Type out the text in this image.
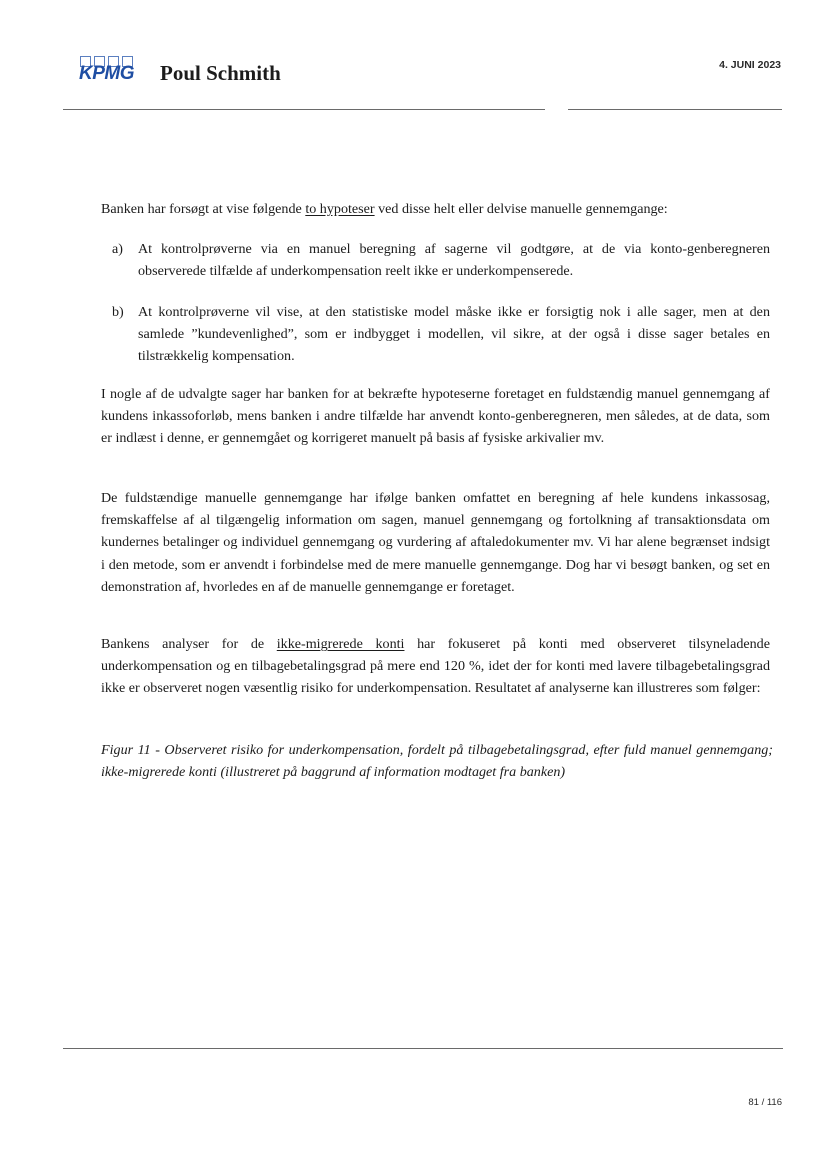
KPMG Poul Schmith	4. JUNI 2023

Banken har forsøgt at vise følgende to hypoteser ved disse helt eller delvise manuelle gennemgange:

a)	At kontrolprøverne via en manuel beregning af sagerne vil godtgøre, at de via konto-genberegneren observerede tilfælde af underkompensation reelt ikke er underkompenserede.
b)	At kontrolprøverne vil vise, at den statistiske model måske ikke er forsigtig nok i alle sager, men at den samlede ”kundevenlighed”, som er indbygget i modellen, vil sikre, at der også i disse sager betales en tilstrækkelig kompensation.

I nogle af de udvalgte sager har banken for at bekræfte hypoteserne foretaget en fuldstændig manuel gennemgang af kundens inkassoforløb, mens banken i andre tilfælde har anvendt konto-genberegneren, men således, at de data, som er indlæst i denne, er gennemgået og korrigeret manuelt på basis af fysiske arkivalier mv.

De fuldstændige manuelle gennemgange har ifølge banken omfattet en beregning af hele kundens inkassosag, fremskaffelse af al tilgængelig information om sagen, manuel gennemgang og fortolkning af transaktionsdata om kundernes betalinger og individuel gennemgang og vurdering af aftaledokumenter mv. Vi har alene begrænset indsigt i den metode, som er anvendt i forbindelse med de mere manuelle gennemgange. Dog har vi besøgt banken, og set en demonstration af, hvorledes en af de manuelle gennemgange er foretaget.

Bankens analyser for de ikke-migrerede konti har fokuseret på konti med observeret tilsyneladende underkompensation og en tilbagebetalingsgrad på mere end 120 %, idet der for konti med lavere tilbagebetalingsgrad ikke er observeret nogen væsentlig risiko for underkompensation. Resultatet af analyserne kan illustreres som følger:

Figur 11 - Observeret risiko for underkompensation, fordelt på tilbagebetalingsgrad, efter fuld manuel gennemgang; ikke-migrerede konti (illustreret på baggrund af information modtaget fra banken)

81 / 116
